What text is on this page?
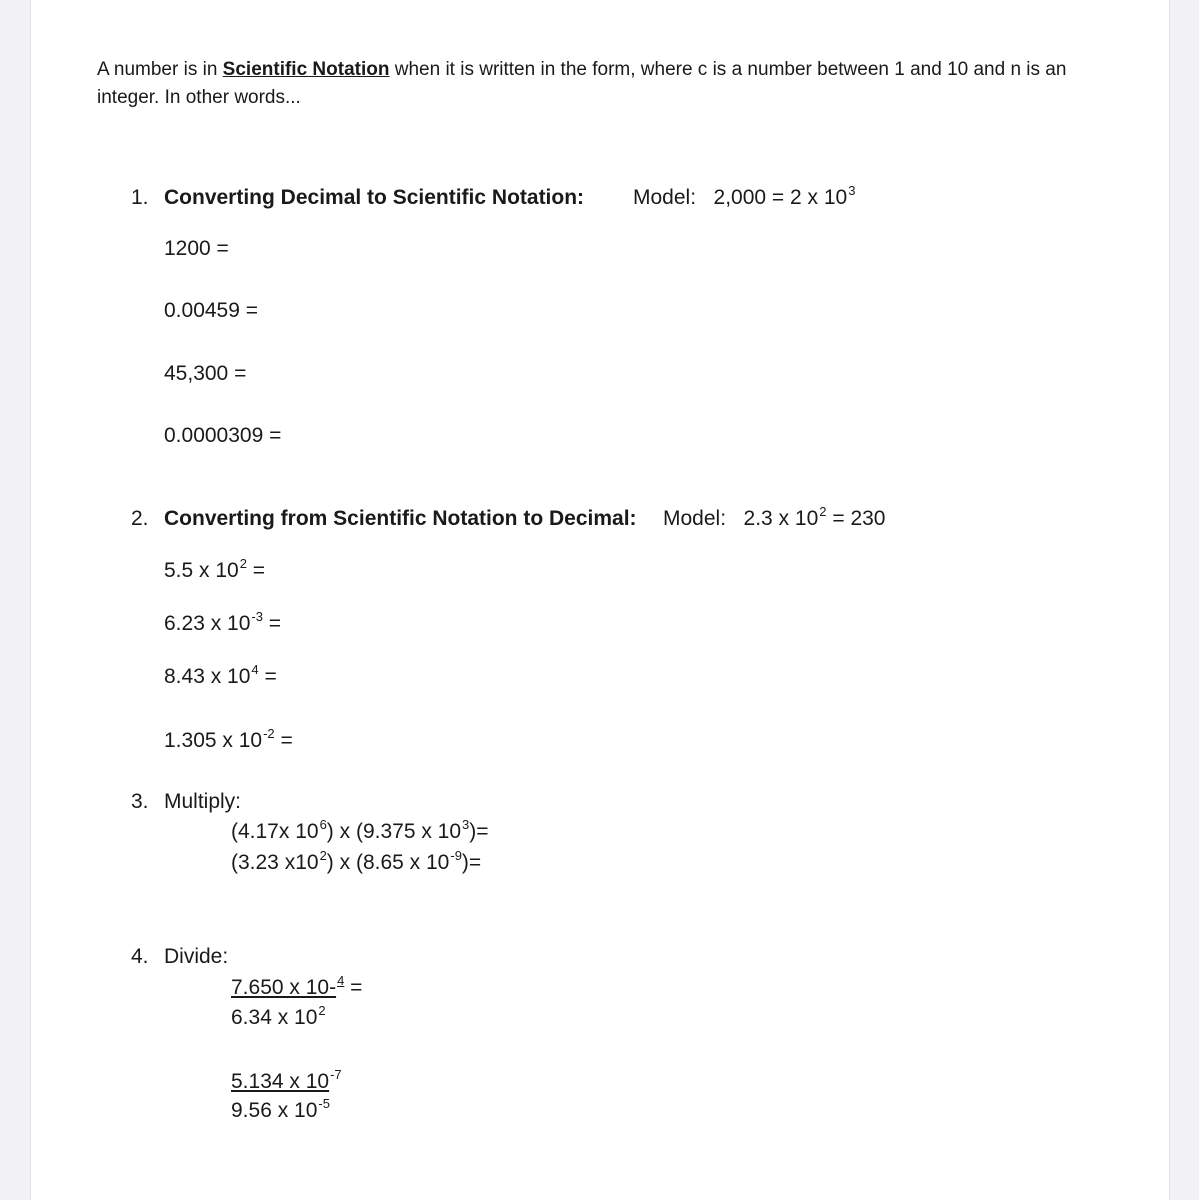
A number is in Scientific Notation when it is written in the form, where c is a number between 1 and 10 and n is an integer. In other words...
1. Converting Decimal to Scientific Notation: Model: 2,000 = 2 x $10^3$
1200 =
0.00459 =
45,300 =
0.0000309 =
2. Converting from Scientific Notation to Decimal: Model: 2.3 x $10^2 = 230$
5.5 x $10^2$ =
6.23 x $10^{-3}$ =
8.43 x $10^4$ =
1.305 x $10^{-2}$ =
3. Multiply:
(4.17x $10^6$) x (9.375 x $10^3)=$
(3.23 $x10^2$) x (8.65 x $10^{-9})=$
4. Divide:
7.650 x 10-$^4$ =
6.34 x $10^2$
5.134 x $10^{-7}$
9.56 x $10^{-5}$
